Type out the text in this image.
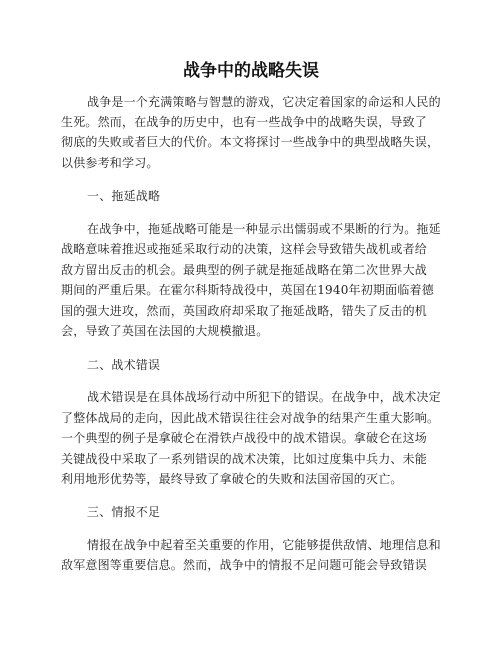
战争中的战略失误
战争是一个充满策略与智慧的游戏，它决定着国家的命运和人民的
生死。然而，在战争的历史中，也有一些战争中的战略失误，导致了
彻底的失败或者巨大的代价。本文将探讨一些战争中的典型战略失误，
以供参考和学习。
一、拖延战略
在战争中，拖延战略可能是一种显示出懦弱或不果断的行为。拖延
战略意味着推迟或拖延采取行动的决策，这样会导致错失战机或者给
敌方留出反击的机会。最典型的例子就是拖延战略在第二次世界大战
期间的严重后果。在霍尔科斯特战役中，英国在1940年初期面临着德
国的强大进攻，然而，英国政府却采取了拖延战略，错失了反击的机
会，导致了英国在法国的大规模撤退。
二、战术错误
战术错误是在具体战场行动中所犯下的错误。在战争中，战术决定
了整体战局的走向，因此战术错误往往会对战争的结果产生重大影响。
一个典型的例子是拿破仑在滑铁卢战役中的战术错误。拿破仑在这场
关键战役中采取了一系列错误的战术决策，比如过度集中兵力、未能
利用地形优势等，最终导致了拿破仑的失败和法国帝国的灭亡。
三、情报不足
情报在战争中起着至关重要的作用，它能够提供敌情、地理信息和
敌军意图等重要信息。然而，战争中的情报不足问题可能会导致错误
